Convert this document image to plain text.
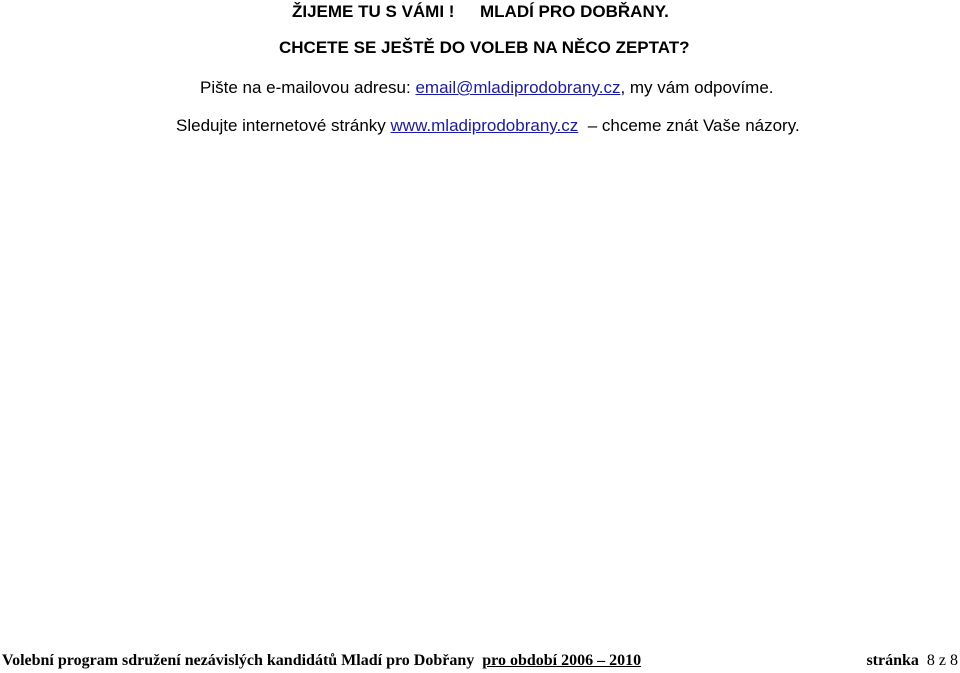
ŽIJEME TU S VÁMI ! MLADÍ PRO DOBŘANY.
CHCETE SE JEŠTĚ DO VOLEB NA NĚCO ZEPTAT?
Pište na e-mailovou adresu: email@mladiprodobrany.cz, my vám odpovíme.
Sledujte internetové stránky www.mladiprodobrany.cz – chceme znát Vaše názory.
Volební program sdružení nezávislých kandidátů Mladí pro Dobřany pro období 2006 – 2010	stránka 8 z 8
